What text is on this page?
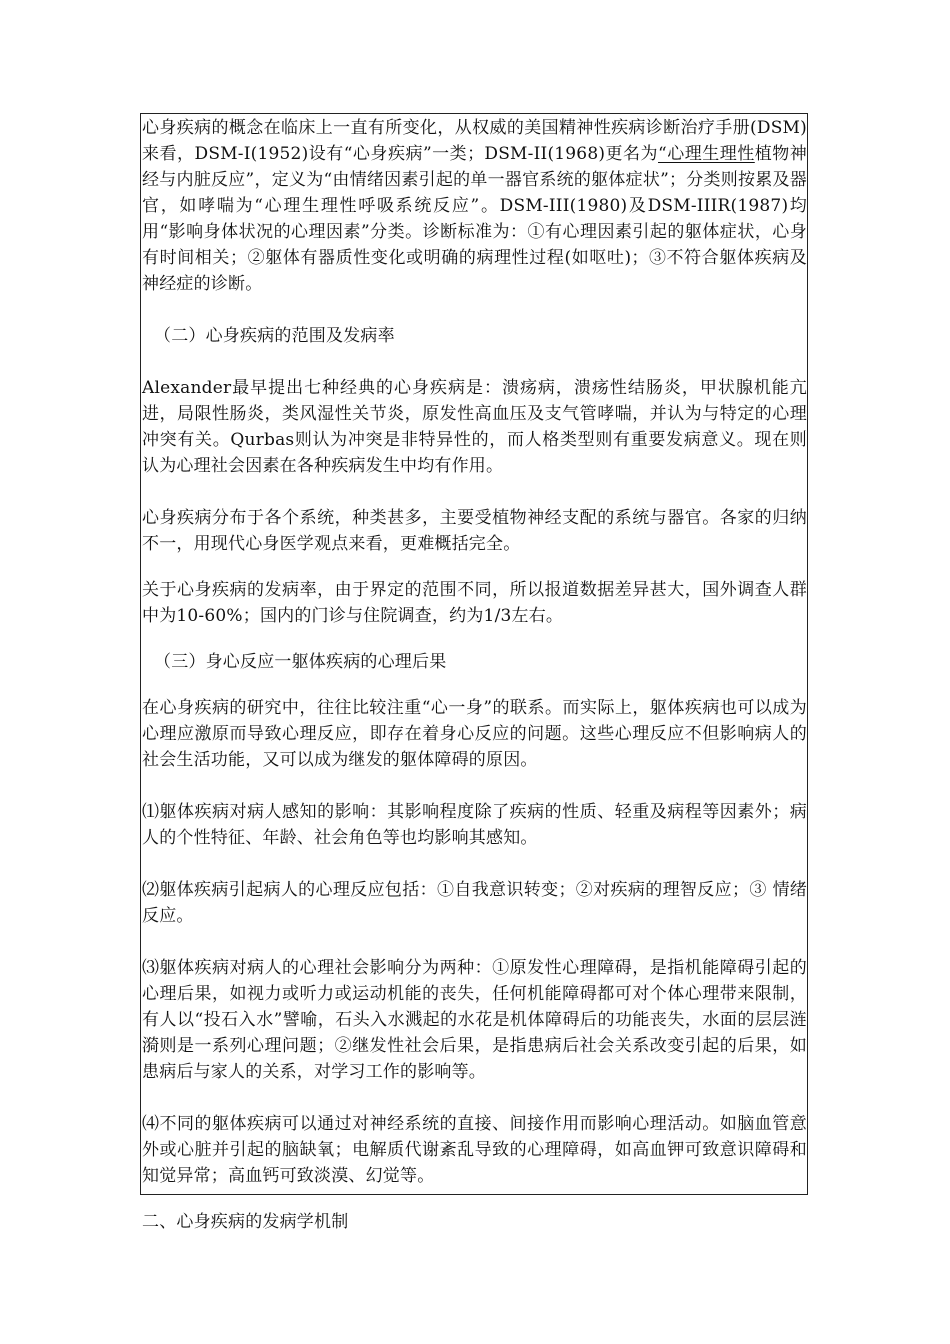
心身疾病的概念在临床上一直有所变化，从权威的美国精神性疾病诊断治疗手册(DSM)来看，DSM-I(1952)设有“心身疾病”一类；DSM-II(1968)更名为“心理生理性植物神经与内脏反应”，定义为“由情绪因素引起的单一器官系统的躯体症状”；分类则按累及器官，如哮喘为“心理生理性呼吸系统反应”。DSM-III(1980)及DSM-IIIR(1987)均用“影响身体状况的心理因素”分类。诊断标准为：①有心理因素引起的躯体症状，心身有时间相关；②躯体有器质性变化或明确的病理性过程(如呕吐)；③不符合躯体疾病及神经症的诊断。

（二）心身疾病的范围及发病率

Alexander最早提出七种经典的心身疾病是：溃疡病，溃疡性结肠炎，甲状腺机能亢进，局限性肠炎，类风湿性关节炎，原发性高血压及支气管哮喘，并认为与特定的心理冲突有关。Qurbas则认为冲突是非特异性的，而人格类型则有重要发病意义。现在则认为心理社会因素在各种疾病发生中均有作用。

心身疾病分布于各个系统，种类甚多，主要受植物神经支配的系统与器官。各家的归纳不一，用现代心身医学观点来看，更难概括完全。

关于心身疾病的发病率，由于界定的范围不同，所以报道数据差异甚大，国外调查人群中为10-60%；国内的门诊与住院调查，约为1/3左右。

（三）身心反应一躯体疾病的心理后果

在心身疾病的研究中，往往比较注重“心一身”的联系。而实际上，躯体疾病也可以成为心理应激原而导致心理反应，即存在着身心反应的问题。这些心理反应不但影响病人的社会生活功能，又可以成为继发的躯体障碍的原因。

⑴躯体疾病对病人感知的影响：其影响程度除了疾病的性质、轻重及病程等因素外；病人的个性特征、年龄、社会角色等也均影响其感知。

⑵躯体疾病引起病人的心理反应包括：①自我意识转变；②对疾病的理智反应；③ 情绪反应。

⑶躯体疾病对病人的心理社会影响分为两种：①原发性心理障碍，是指机能障碍引起的心理后果，如视力或听力或运动机能的丧失，任何机能障碍都可对个体心理带来限制，有人以“投石入水”譬喻，石头入水溅起的水花是机体障碍后的功能丧失，水面的层层涟漪则是一系列心理问题；②继发性社会后果，是指患病后社会关系改变引起的后果，如患病后与家人的关系，对学习工作的影响等。

⑷不同的躯体疾病可以通过对神经系统的直接、间接作用而影响心理活动。如脑血管意外或心脏并引起的脑缺氧；电解质代谢紊乱导致的心理障碍，如高血钾可致意识障碍和知觉异常；高血钙可致淡漠、幻觉等。

二、心身疾病的发病学机制
